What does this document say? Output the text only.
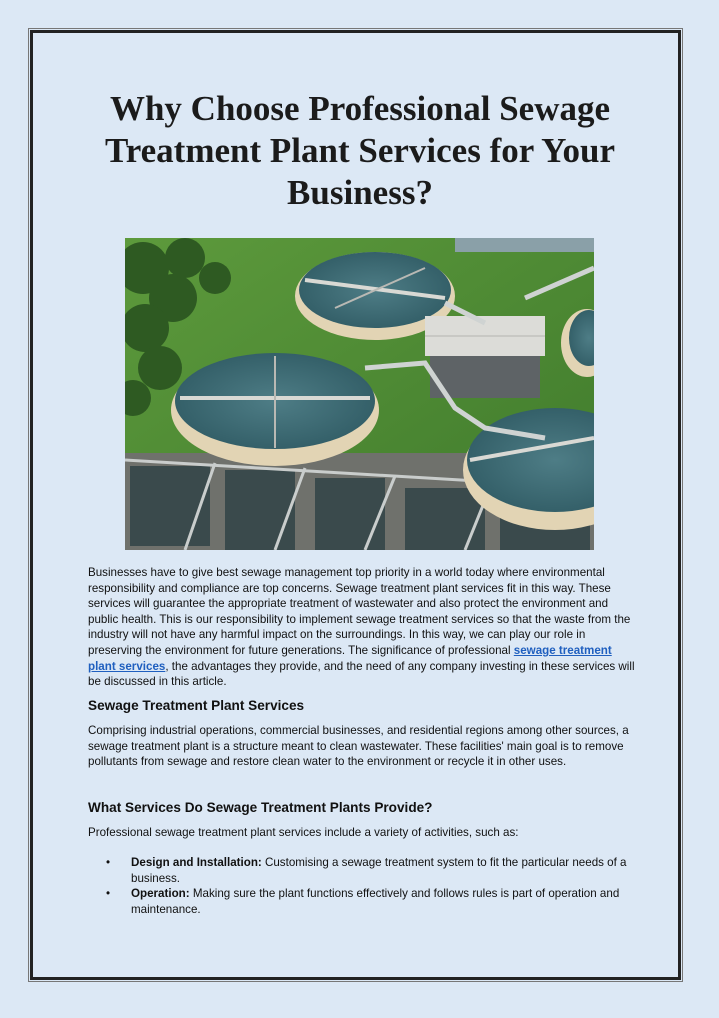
Why Choose Professional Sewage Treatment Plant Services for Your Business?

Businesses have to give best sewage management top priority in a world today where environmental responsibility and compliance are top concerns. Sewage treatment plant services fit in this way. These services will guarantee the appropriate treatment of wastewater and also protect the environment and public health. This is our responsibility to implement sewage treatment services so that the waste from the industry will not have any harmful impact on the surroundings. In this way, we can play our role in preserving the environment for future generations. The significance of professional sewage treatment plant services, the advantages they provide, and the need of any company investing in these services will be discussed in this article.

Sewage Treatment Plant Services

Comprising industrial operations, commercial businesses, and residential regions among other sources, a sewage treatment plant is a structure meant to clean wastewater. These facilities' main goal is to remove pollutants from sewage and restore clean water to the environment or recycle it in other uses.

What Services Do Sewage Treatment Plants Provide?

Professional sewage treatment plant services include a variety of activities, such as:

• Design and Installation: Customising a sewage treatment system to fit the particular needs of a business.
• Operation: Making sure the plant functions effectively and follows rules is part of operation and maintenance.
